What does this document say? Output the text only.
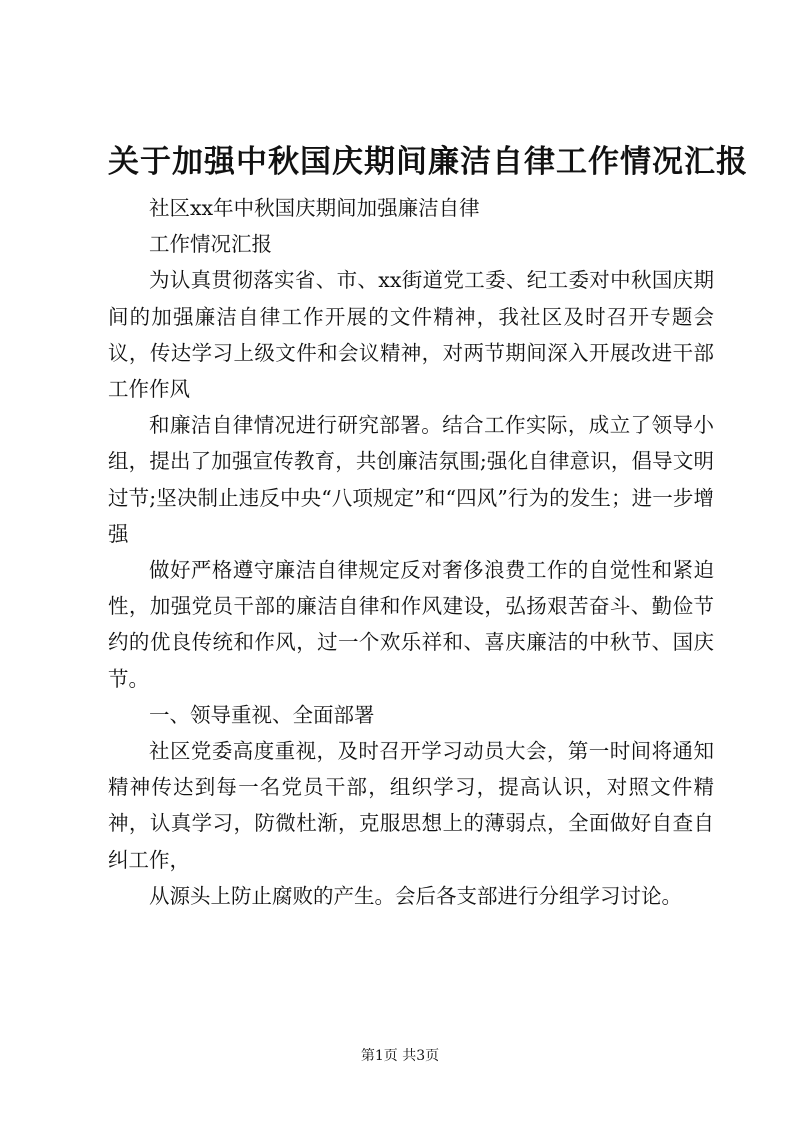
关于加强中秋国庆期间廉洁自律工作情况汇报

社区xx年中秋国庆期间加强廉洁自律

工作情况汇报

为认真贯彻落实省、市、xx街道党工委、纪工委对中秋国庆期间的加强廉洁自律工作开展的文件精神，我社区及时召开专题会议，传达学习上级文件和会议精神，对两节期间深入开展改进干部工作作风

和廉洁自律情况进行研究部署。结合工作实际，成立了领导小组，提出了加强宣传教育，共创廉洁氛围;强化自律意识，倡导文明过节;坚决制止违反中央“八项规定”和“四风”行为的发生；进一步增强

做好严格遵守廉洁自律规定反对奢侈浪费工作的自觉性和紧迫性，加强党员干部的廉洁自律和作风建设，弘扬艰苦奋斗、勤俭节约的优良传统和作风，过一个欢乐祥和、喜庆廉洁的中秋节、国庆节。

一、领导重视、全面部署

社区党委高度重视，及时召开学习动员大会，第一时间将通知精神传达到每一名党员干部，组织学习，提高认识，对照文件精神，认真学习，防微杜渐，克服思想上的薄弱点，全面做好自查自纠工作，

从源头上防止腐败的产生。会后各支部进行分组学习讨论。

第1页 共3页
